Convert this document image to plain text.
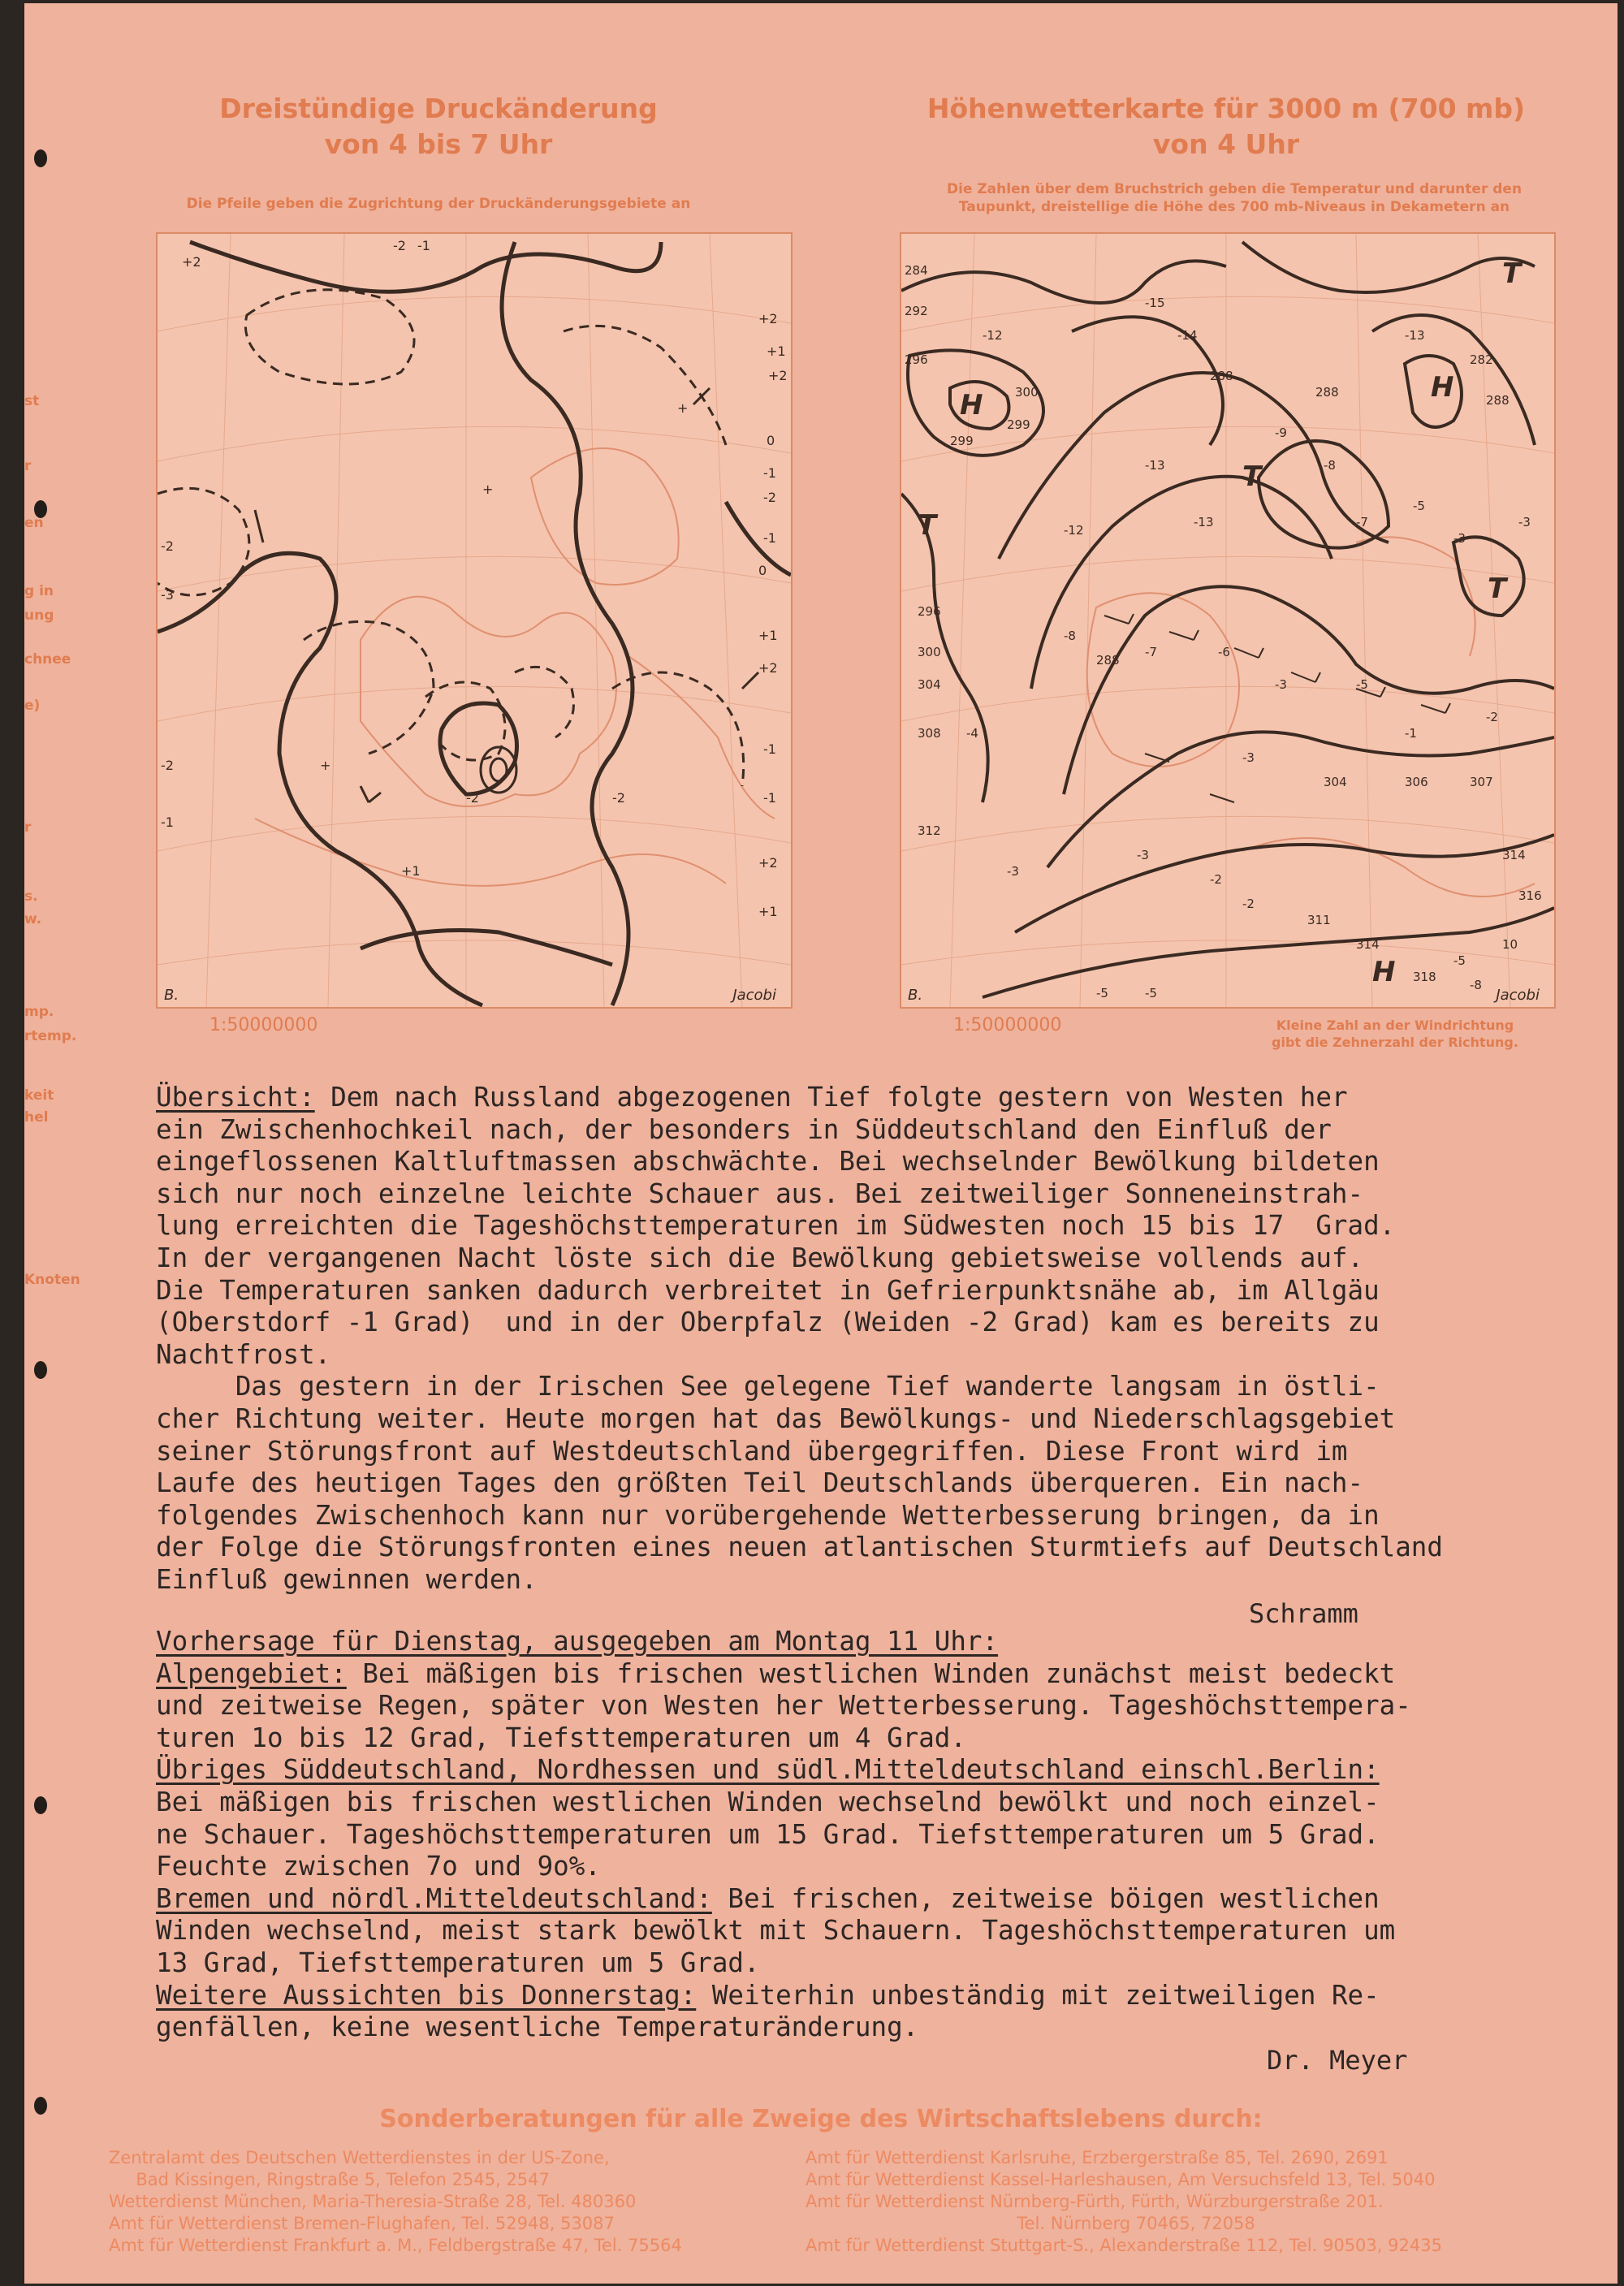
st
r
en
g in
ung
chnee
e)
r
s.
w.
mp.
rtemp.
keit
hel
Knoten
Dreistündige Druckänderung
von 4 bis 7 Uhr
Die Pfeile geben die Zugrichtung der Druckänderungsgebiete an
+2
-2 -1
+2
+1
+2
0
-1
-2
-1
0
+1
+2
-1
-1
+2
+1
-2
-3
-2
-1
+
+
+
-2	-2
+1
B.	Jacobi
1:50000000
Höhenwetterkarte für 3000 m (700 mb)
von 4 Uhr
Die Zahlen über dem Bruchstrich geben die Temperatur und darunter den
Taupunkt, dreistellige die Höhe des 700 mb-Niveaus in Dekametern an
H
T
T
H
T
T
H
284
292
296
-12
300
299
299
-15
-14
288
288
-13
282
288
-9
-8
-13
-13
-12
-7
-5
-3
-3
296
300
304
308 -4
-8
288
-7	-6
-3	-5
-1
-2
-3
304	306	307
312
-3
-3
-2
-2
311
314
314
316
10
-5	-5
-5
-8
318
B.	Jacobi
1:50000000	Kleine Zahl an der Windrichtung
gibt die Zehnerzahl der Richtung.
Übersicht: Dem nach Russland abgezogenen Tief folgte gestern von Westen her
ein Zwischenhochkeil nach, der besonders in Süddeutschland den Einfluß der
eingeflossenen Kaltluftmassen abschwächte. Bei wechselnder Bewölkung bildeten
sich nur noch einzelne leichte Schauer aus. Bei zeitweiliger Sonneneinstrah-
lung erreichten die Tageshöchsttemperaturen im Südwesten noch 15 bis 17  Grad.
In der vergangenen Nacht löste sich die Bewölkung gebietsweise vollends auf.
Die Temperaturen sanken dadurch verbreitet in Gefrierpunktsnähe ab, im Allgäu
(Oberstdorf -1 Grad)  und in der Oberpfalz (Weiden -2 Grad) kam es bereits zu
Nachtfrost.
Das gestern in der Irischen See gelegene Tief wanderte langsam in östli-
cher Richtung weiter. Heute morgen hat das Bewölkungs- und Niederschlagsgebiet
seiner Störungsfront auf Westdeutschland übergegriffen. Diese Front wird im
Laufe des heutigen Tages den größten Teil Deutschlands überqueren. Ein nach-
folgendes Zwischenhoch kann nur vorübergehende Wetterbesserung bringen, da in
der Folge die Störungsfronten eines neuen atlantischen Sturmtiefs auf Deutschland
Einfluß gewinnen werden.
Schramm
Vorhersage für Dienstag, ausgegeben am Montag 11 Uhr:
Alpengebiet: Bei mäßigen bis frischen westlichen Winden zunächst meist bedeckt
und zeitweise Regen, später von Westen her Wetterbesserung. Tageshöchsttempera-
turen 1o bis 12 Grad, Tiefsttemperaturen um 4 Grad.
Übriges Süddeutschland, Nordhessen und südl.Mitteldeutschland einschl.Berlin:
Bei mäßigen bis frischen westlichen Winden wechselnd bewölkt und noch einzel-
ne Schauer. Tageshöchsttemperaturen um 15 Grad. Tiefsttemperaturen um 5 Grad.
Feuchte zwischen 7o und 9o%.
Bremen und nördl.Mitteldeutschland: Bei frischen, zeitweise böigen westlichen
Winden wechselnd, meist stark bewölkt mit Schauern. Tageshöchsttemperaturen um
13 Grad, Tiefsttemperaturen um 5 Grad.
Weitere Aussichten bis Donnerstag: Weiterhin unbeständig mit zeitweiligen Re-
genfällen, keine wesentliche Temperaturänderung.
Dr. Meyer
Sonderberatungen für alle Zweige des Wirtschaftslebens durch:
Zentralamt des Deutschen Wetterdienstes in der US-Zone,
Bad Kissingen, Ringstraße 5, Telefon 2545, 2547
Wetterdienst München, Maria-Theresia-Straße 28, Tel. 480360
Amt für Wetterdienst Bremen-Flughafen, Tel. 52948, 53087
Amt für Wetterdienst Frankfurt a. M., Feldbergstraße 47, Tel. 75564
Amt für Wetterdienst Karlsruhe, Erzbergerstraße 85, Tel. 2690, 2691
Amt für Wetterdienst Kassel-Harleshausen, Am Versuchsfeld 13, Tel. 5040
Amt für Wetterdienst Nürnberg-Fürth, Fürth, Würzburgerstraße 201.
Tel. Nürnberg 70465, 72058
Amt für Wetterdienst Stuttgart-S., Alexanderstraße 112, Tel. 90503, 92435
